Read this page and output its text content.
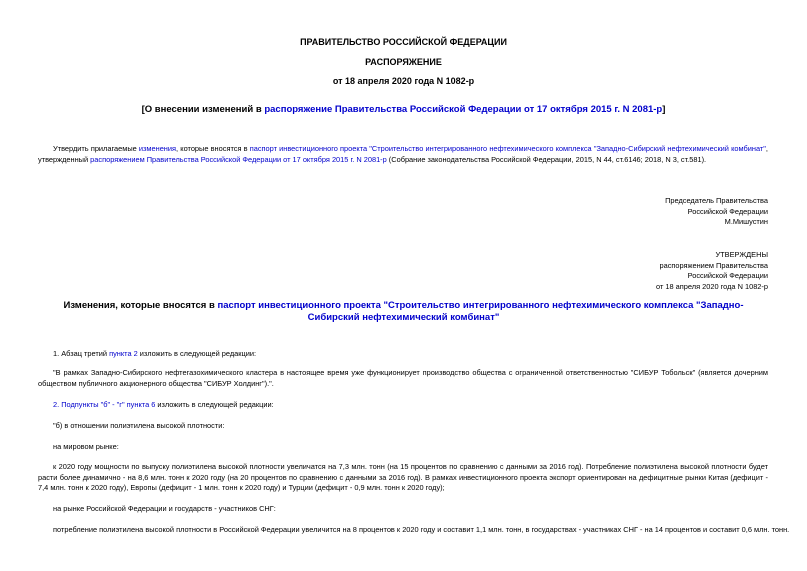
ПРАВИТЕЛЬСТВО РОССИЙСКОЙ ФЕДЕРАЦИИ
РАСПОРЯЖЕНИЕ
от 18 апреля 2020 года N 1082-р
[О внесении изменений в распоряжение Правительства Российской Федерации от 17 октября 2015 г. N 2081-р]
Утвердить прилагаемые изменения, которые вносятся в паспорт инвестиционного проекта "Строительство интегрированного нефтехимического комплекса "Западно-Сибирский нефтехимический комбинат", утвержденный распоряжением Правительства Российской Федерации от 17 октября 2015 г. N 2081-р (Собрание законодательства Российской Федерации, 2015, N 44, ст.6146; 2018, N 3, ст.581).
Председатель Правительства
Российской Федерации
М.Мишустин
УТВЕРЖДЕНЫ
распоряжением Правительства
Российской Федерации
от 18 апреля 2020 года N 1082-р
Изменения, которые вносятся в паспорт инвестиционного проекта "Строительство интегрированного нефтехимического комплекса "Западно-Сибирский нефтехимический комбинат"
1. Абзац третий пункта 2 изложить в следующей редакции:
"В рамках Западно-Сибирского нефтегазохимического кластера в настоящее время уже функционирует производство общества с ограниченной ответственностью "СИБУР Тобольск" (является дочерним обществом публичного акционерного общества "СИБУР Холдинг").".
2. Подпункты "б" - "г" пункта 6 изложить в следующей редакции:
"б) в отношении полиэтилена высокой плотности:
на мировом рынке:
к 2020 году мощности по выпуску полиэтилена высокой плотности увеличатся на 7,3 млн. тонн (на 15 процентов по сравнению с данными за 2016 год). Потребление полиэтилена высокой плотности будет расти более динамично - на 8,6 млн. тонн к 2020 году (на 20 процентов по сравнению с данными за 2016 год). В рамках инвестиционного проекта экспорт ориентирован на дефицитные рынки Китая (дефицит - 7,4 млн. тонн к 2020 году), Европы (дефицит - 1 млн. тонн к 2020 году) и Турции (дефицит - 0,9 млн. тонн к 2020 году);
на рынке Российской Федерации и государств - участников СНГ:
потребление полиэтилена высокой плотности в Российской Федерации увеличится на 8 процентов к 2020 году и составит 1,1 млн. тонн, в государствах - участниках СНГ - на 14 процентов и составит 0,6 млн. тонн.
